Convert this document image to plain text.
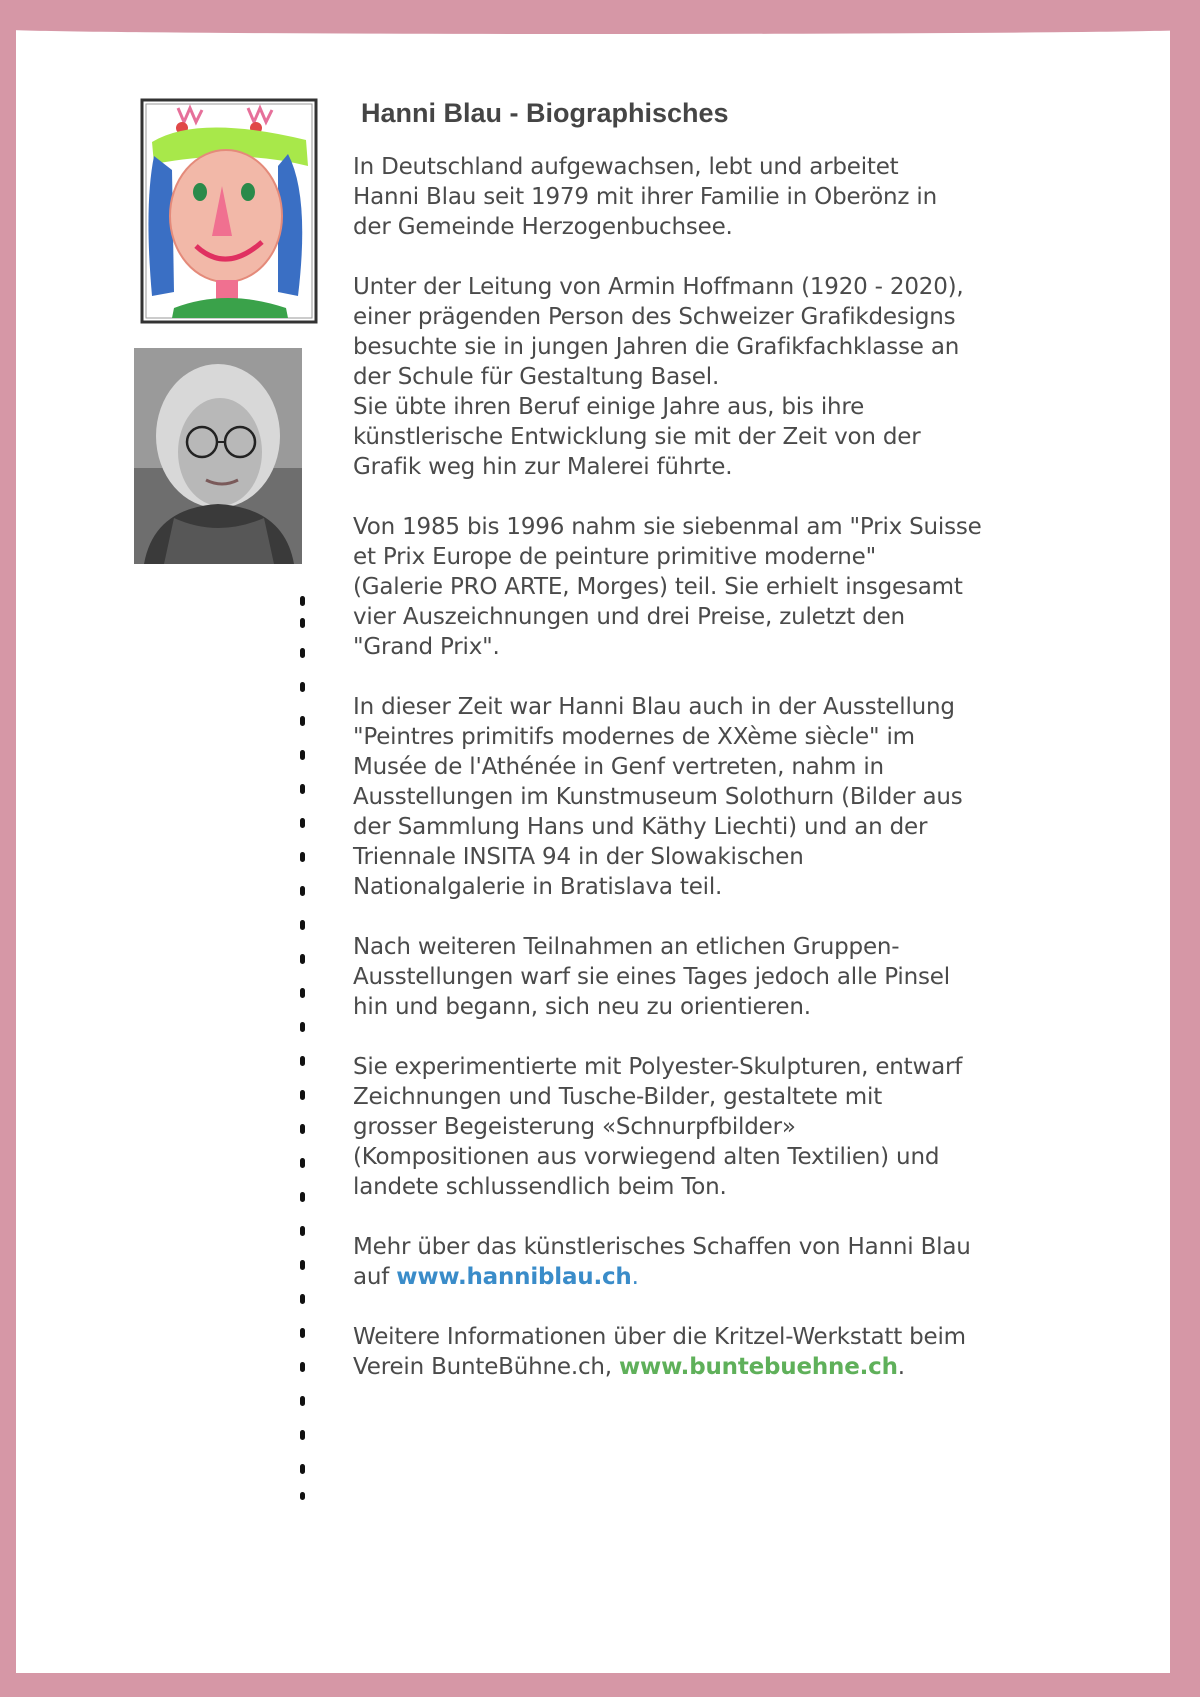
Hanni Blau - Biographisches
In Deutschland aufgewachsen, lebt und arbeitet
Hanni Blau seit 1979 mit ihrer Familie in Oberönz in
der Gemeinde Herzogenbuchsee.
Unter der Leitung von Armin Hoffmann (1920 - 2020),
einer prägenden Person des Schweizer Grafikdesigns
besuchte sie in jungen Jahren die Grafikfachklasse an
der Schule für Gestaltung Basel.
Sie übte ihren Beruf einige Jahre aus, bis ihre
künstlerische Entwicklung sie mit der Zeit von der
Grafik weg hin zur Malerei führte.
Von 1985 bis 1996 nahm sie siebenmal am "Prix Suisse
et Prix Europe de peinture primitive moderne"
(Galerie PRO ARTE, Morges) teil. Sie erhielt insgesamt
vier Auszeichnungen und drei Preise, zuletzt den
"Grand Prix".
In dieser Zeit war Hanni Blau auch in der Ausstellung
"Peintres primitifs modernes de XXème siècle" im
Musée de l'Athénée in Genf vertreten, nahm in
Ausstellungen im Kunstmuseum Solothurn (Bilder aus
der Sammlung Hans und Käthy Liechti) und an der
Triennale INSITA 94 in der Slowakischen
Nationalgalerie in Bratislava teil.
Nach weiteren Teilnahmen an etlichen Gruppen-
Ausstellungen warf sie eines Tages jedoch alle Pinsel
hin und begann, sich neu zu orientieren.
Sie experimentierte mit Polyester-Skulpturen, entwarf
Zeichnungen und Tusche-Bilder, gestaltete mit
grosser Begeisterung «Schnurpfbilder»
(Kompositionen aus vorwiegend alten Textilien) und
landete schlussendlich beim Ton.
Mehr über das künstlerisches Schaffen von Hanni Blau
auf www.hanniblau.ch.
Weitere Informationen über die Kritzel-Werkstatt beim
Verein BunteBühne.ch, www.buntebuehne.ch.
